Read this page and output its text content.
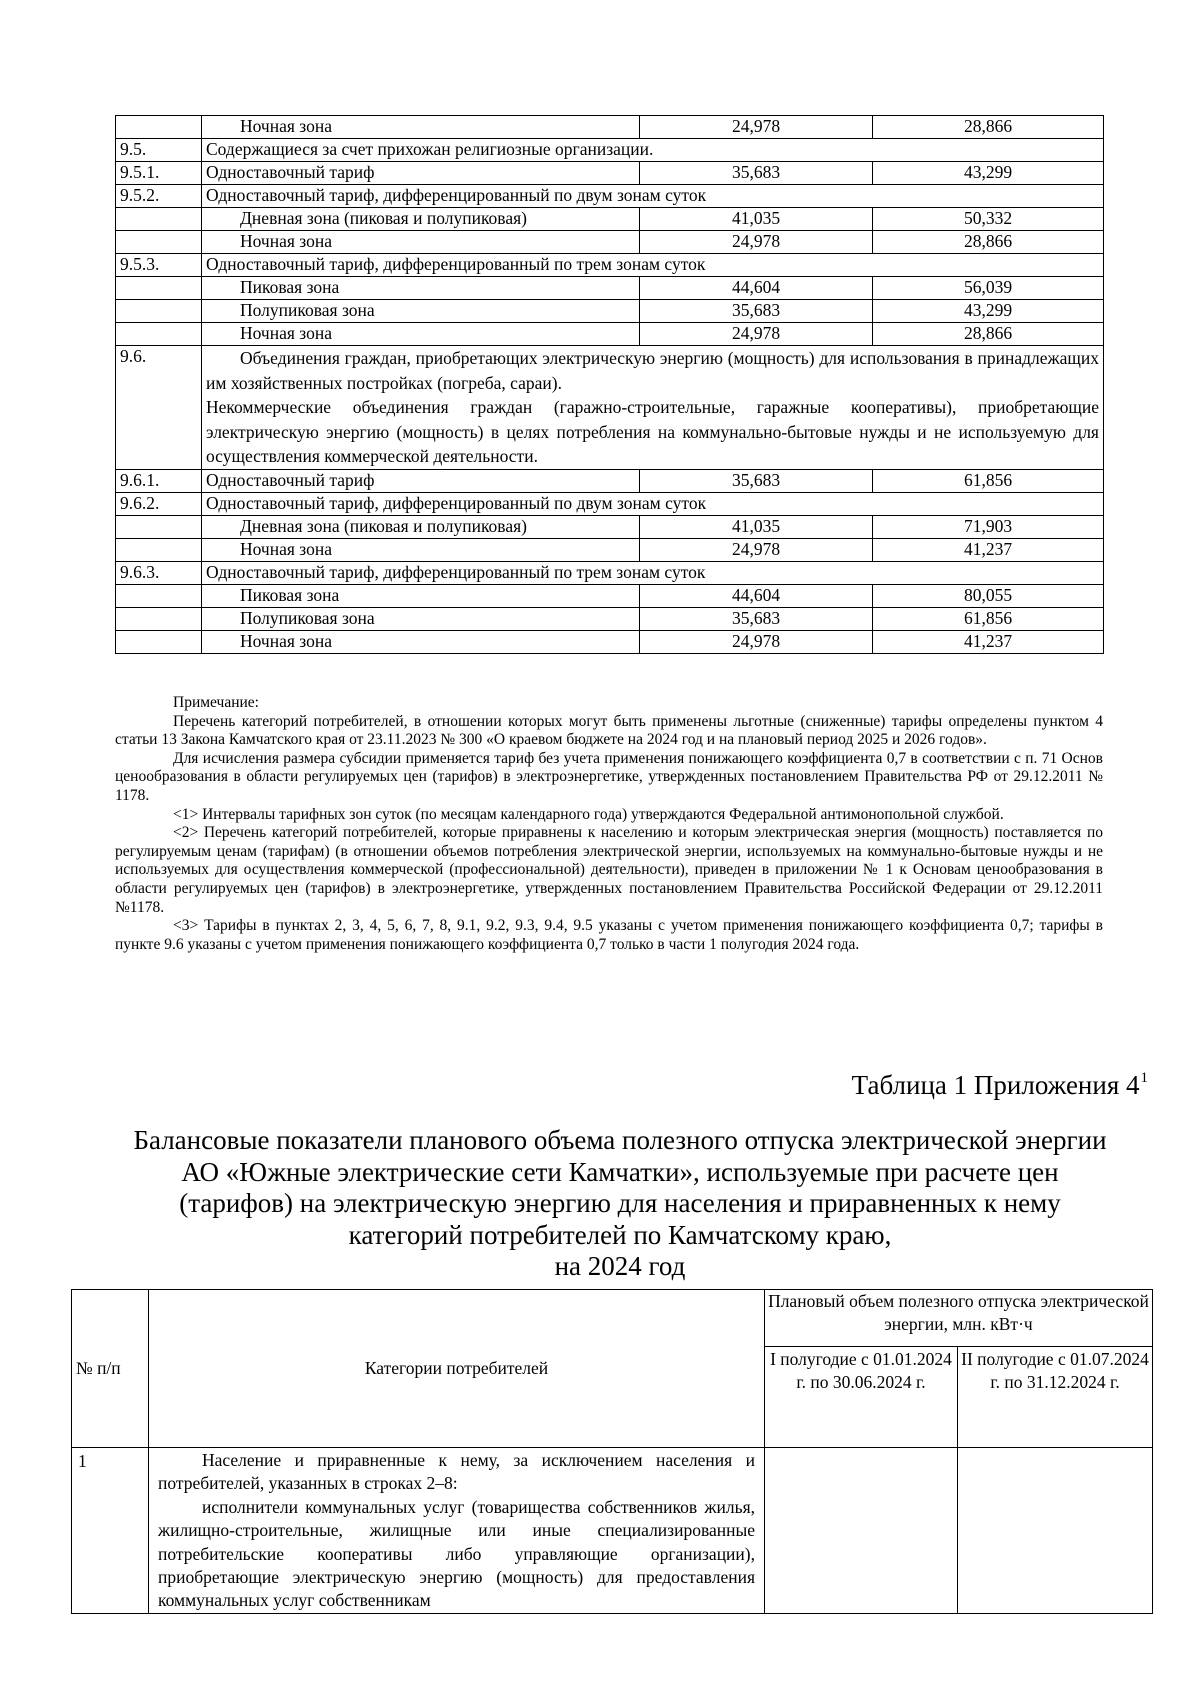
	Ночная зона	24,978	28,866
9.5.	Содержащиеся за счет прихожан религиозные организации.		
9.5.1.	Одноставочный тариф	35,683	43,299
9.5.2.	Одноставочный тариф, дифференцированный по двум зонам суток		
	Дневная зона (пиковая и полупиковая)	41,035	50,332
	Ночная зона	24,978	28,866
9.5.3.	Одноставочный тариф, дифференцированный по трем зонам суток		
	Пиковая зона	44,604	56,039
	Полупиковая зона	35,683	43,299
	Ночная зона	24,978	28,866
9.6.	Объединения граждан, приобретающих электрическую энергию (мощность) для использования в принадлежащих им хозяйственных постройках (погреба, сараи).

Некоммерческие объединения граждан (гаражно-строительные, гаражные кооперативы), приобретающие электрическую энергию (мощность) в целях потребления на коммунально-бытовые нужды и не используемую для осуществления коммерческой деятельности.		

9.6.1.	Одноставочный тариф	35,683	61,856
9.6.2.	Одноставочный тариф, дифференцированный по двум зонам суток		
	Дневная зона (пиковая и полупиковая)	41,035	71,903
	Ночная зона	24,978	41,237
9.6.3.	Одноставочный тариф, дифференцированный по трем зонам суток		
	Пиковая зона	44,604	80,055
	Полупиковая зона	35,683	61,856
	Ночная зона	24,978	41,237

Примечание:

Перечень категорий потребителей, в отношении которых могут быть применены льготные (сниженные) тарифы определены пунктом 4 статьи 13 Закона Камчатского края от 23.11.2023 № 300 «О краевом бюджете на 2024 год и на плановый период 2025 и 2026 годов».

Для исчисления размера субсидии применяется тариф без учета применения понижающего коэффициента 0,7 в соответствии с п. 71 Основ ценообразования в области регулируемых цен (тарифов) в электроэнергетике, утвержденных постановлением Правительства РФ от 29.12.2011 № 1178.

<1> Интервалы тарифных зон суток (по месяцам календарного года) утверждаются Федеральной антимонопольной службой.

<2> Перечень категорий потребителей, которые приравнены к населению и которым электрическая энергия (мощность) поставляется по регулируемым ценам (тарифам) (в отношении объемов потребления электрической энергии, используемых на коммунально-бытовые нужды и не используемых для осуществления коммерческой (профессиональной) деятельности), приведен в приложении № 1 к Основам ценообразования в области регулируемых цен (тарифов) в электроэнергетике, утвержденных постановлением Правительства Российской Федерации от 29.12.2011 №1178.

<3> Тарифы в пунктах 2, 3, 4, 5, 6, 7, 8, 9.1, 9.2, 9.3, 9.4, 9.5 указаны с учетом применения понижающего коэффициента 0,7; тарифы в пункте 9.6 указаны с учетом применения понижающего коэффициента 0,7 только в части 1 полугодия 2024 года.

Таблица 1 Приложения $4^1$

Балансовые показатели планового объема полезного отпуска электрической энергии

АО «Южные электрические сети Камчатки», используемые при расчете цен

(тарифов) на электрическую энергию для населения и приравненных к нему

категорий потребителей по Камчатскому краю,

на 2024 год

№ п/п	Категории потребителей	Плановый объем полезного отпуска электрической энергии, млн. кВт·ч	
		I полугодие с 01.01.2024 г. по 30.06.2024 г.	II полугодие с 01.07.2024 г. по 31.12.2024 г.
1	Население и приравненные к нему, за исключением населения и потребителей, указанных в строках 2–8:

исполнители коммунальных услуг (товарищества собственников жилья, жилищно-строительные, жилищные или иные специализированные потребительские кооперативы либо управляющие организации), приобретающие электрическую энергию (мощность) для предоставления коммунальных услуг собственникам		
